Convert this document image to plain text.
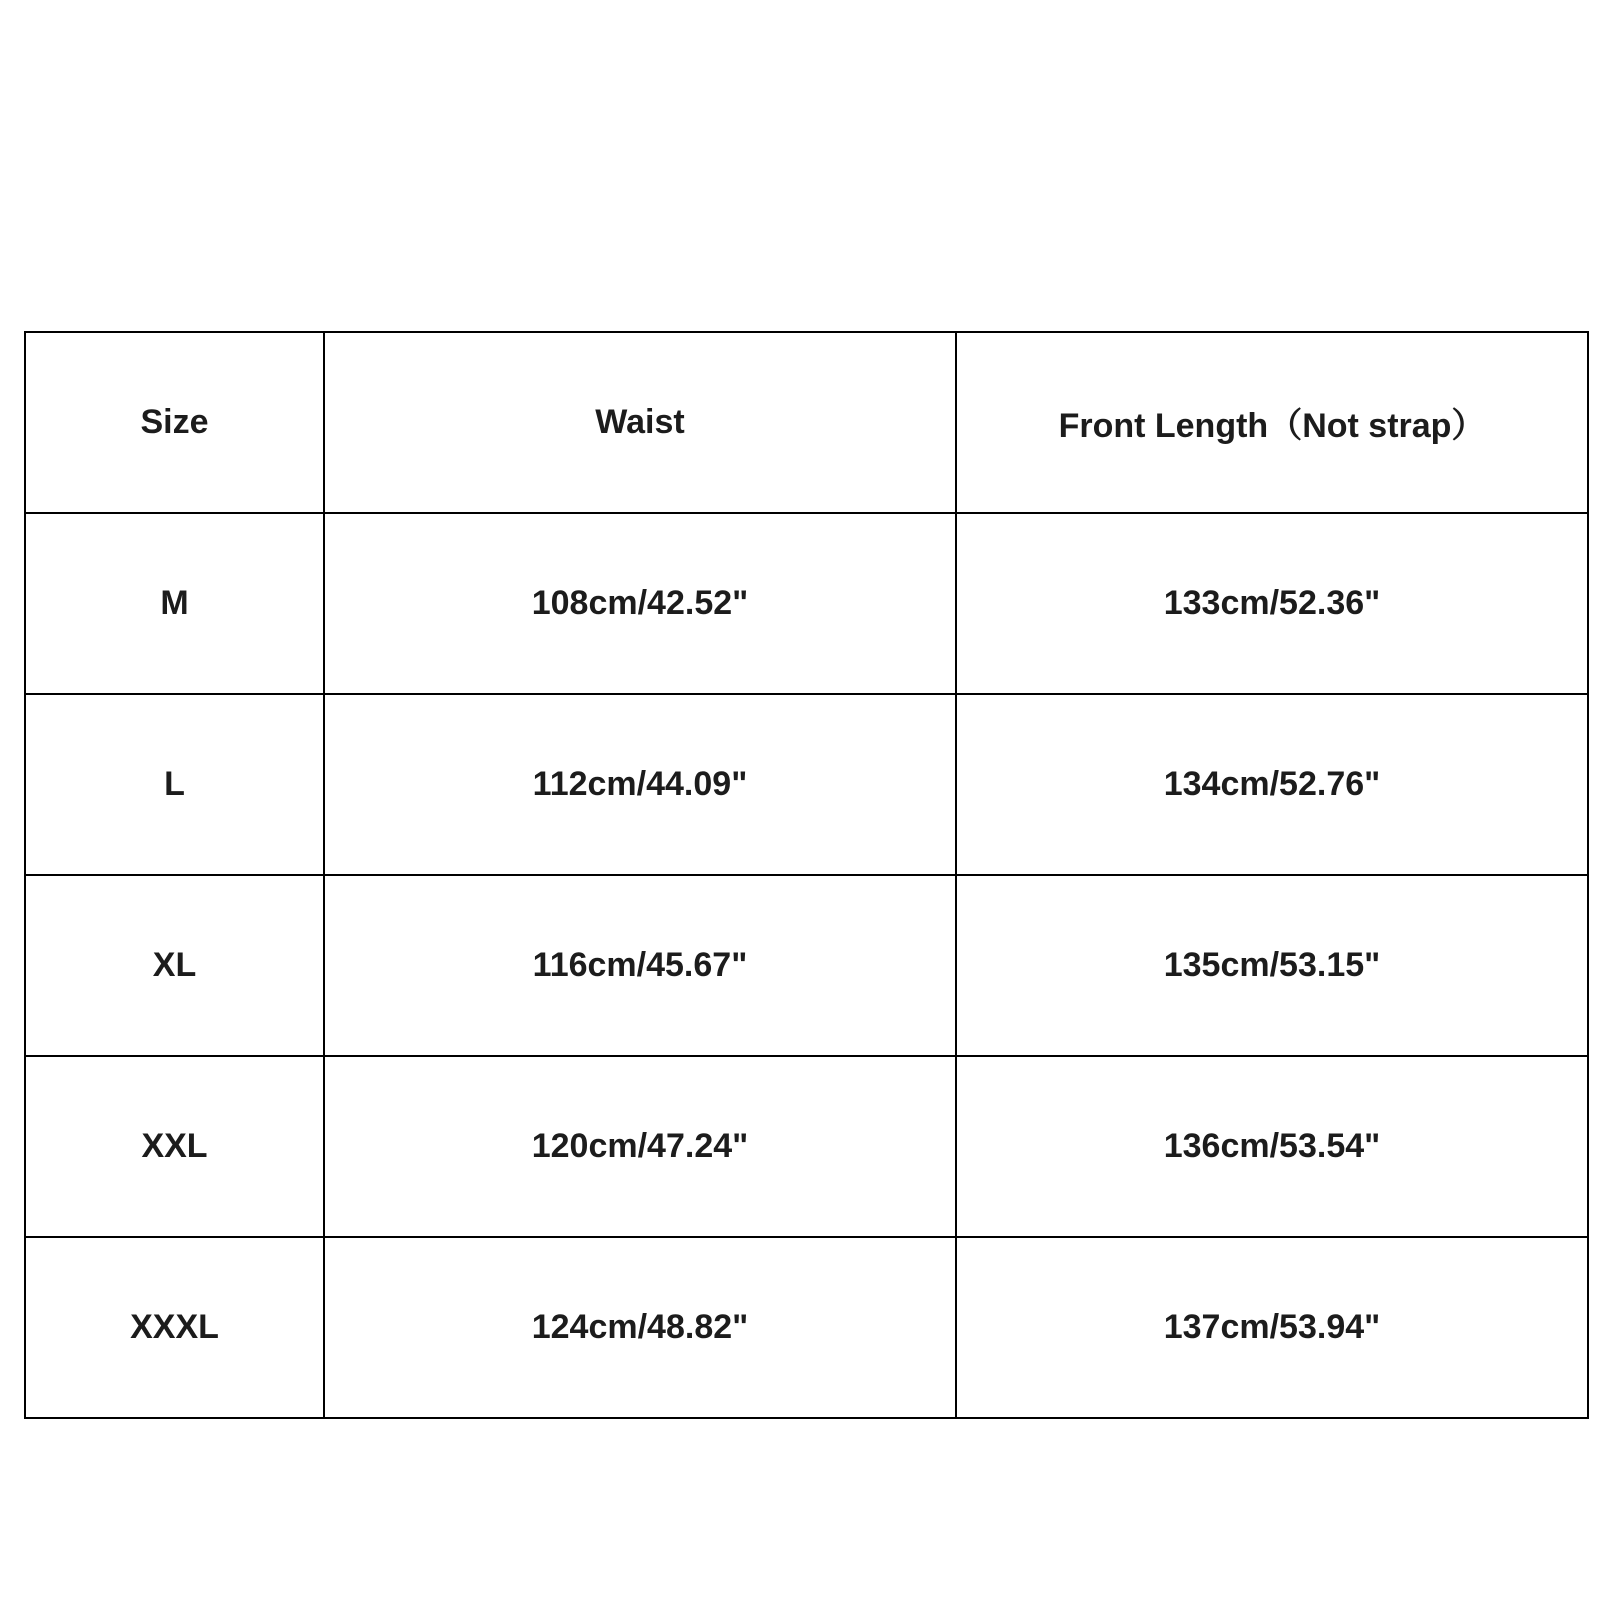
Size	Waist	Front Length（Not strap）
M	108cm/42.52"	133cm/52.36"
L	112cm/44.09"	134cm/52.76"
XL	116cm/45.67"	135cm/53.15"
XXL	120cm/47.24"	136cm/53.54"
XXXL	124cm/48.82"	137cm/53.94"
